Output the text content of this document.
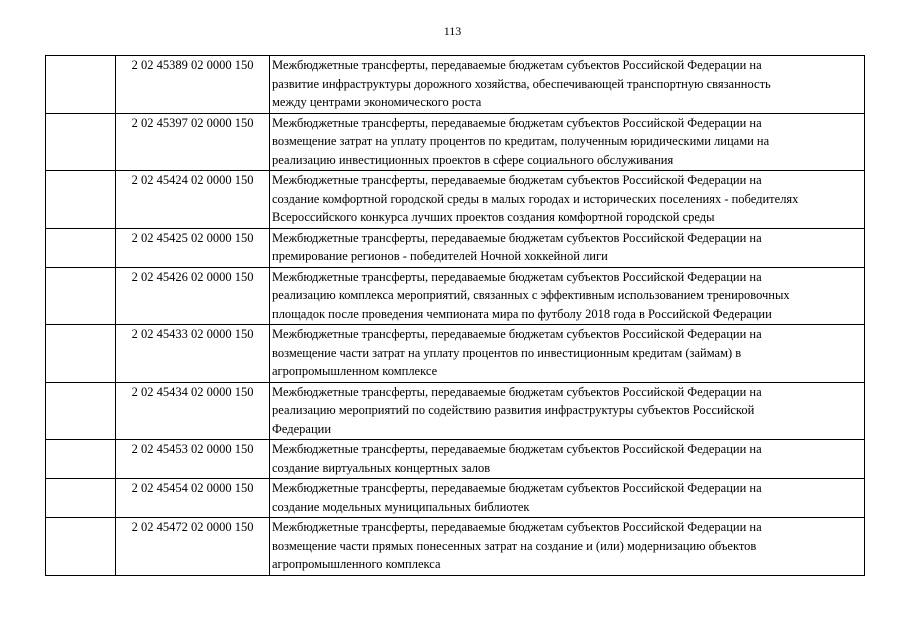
113
	2 02 45389 02 0000 150	Межбюджетные трансферты, передаваемые бюджетам субъектов Российской Федерации на
развитие инфраструктуры дорожного хозяйства, обеспечивающей транспортную связанность
между центрами экономического роста

	2 02 45397 02 0000 150	Межбюджетные трансферты, передаваемые бюджетам субъектов Российской Федерации на
возмещение затрат на уплату процентов по кредитам, полученным юридическими лицами на
реализацию инвестиционных проектов в сфере социального обслуживания

	2 02 45424 02 0000 150	Межбюджетные трансферты, передаваемые бюджетам субъектов Российской Федерации на
создание комфортной городской среды в малых городах и исторических поселениях - победителях
Всероссийского конкурса лучших проектов создания комфортной городской среды

	2 02 45425 02 0000 150	Межбюджетные трансферты, передаваемые бюджетам субъектов Российской Федерации на
премирование регионов - победителей Ночной хоккейной лиги

	2 02 45426 02 0000 150	Межбюджетные трансферты, передаваемые бюджетам субъектов Российской Федерации на
реализацию комплекса мероприятий, связанных с эффективным использованием тренировочных
площадок после проведения чемпионата мира по футболу 2018 года в Российской Федерации

	2 02 45433 02 0000 150	Межбюджетные трансферты, передаваемые бюджетам субъектов Российской Федерации на
возмещение части затрат на уплату процентов по инвестиционным кредитам (займам) в
агропромышленном комплексе

	2 02 45434 02 0000 150	Межбюджетные трансферты, передаваемые бюджетам субъектов Российской Федерации на
реализацию мероприятий по содействию развития инфраструктуры субъектов Российской
Федерации

	2 02 45453 02 0000 150	Межбюджетные трансферты, передаваемые бюджетам субъектов Российской Федерации на
создание виртуальных концертных залов

	2 02 45454 02 0000 150	Межбюджетные трансферты, передаваемые бюджетам субъектов Российской Федерации на
создание модельных муниципальных библиотек

	2 02 45472 02 0000 150	Межбюджетные трансферты, передаваемые бюджетам субъектов Российской Федерации на
возмещение части прямых понесенных затрат на создание и (или) модернизацию объектов
агропромышленного комплекса
